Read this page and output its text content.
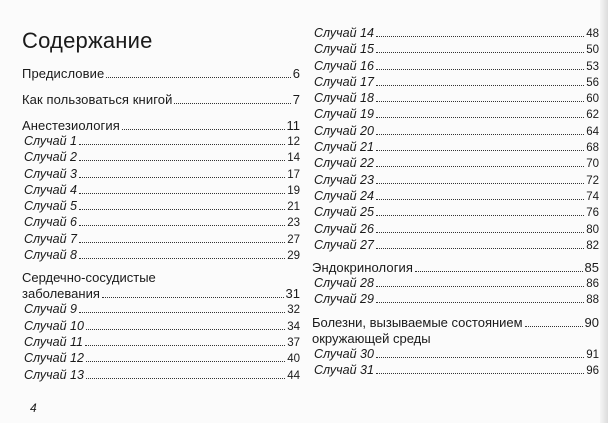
Содержание
Предисловие	6
Как пользоваться книгой	7
Анестезиология	11
Случай 1	12
Случай 2	14
Случай 3	17
Случай 4	19
Случай 5	21
Случай 6	23
Случай 7	27
Случай 8	29
Сердечно-сосудистые
заболевания	31
Случай 9	32
Случай 10	34
Случай 11	37
Случай 12	40
Случай 13	44
Случай 14	48
Случай 15	50
Случай 16	53
Случай 17	56
Случай 18	60
Случай 19	62
Случай 20	64
Случай 21	68
Случай 22	70
Случай 23	72
Случай 24	74
Случай 25	76
Случай 26	80
Случай 27	82
Эндокринология	85
Случай 28	86
Случай 29	88
Болезни, вызываемые состоянием	90
окружающей среды
Случай 30	91
Случай 31	96
4
